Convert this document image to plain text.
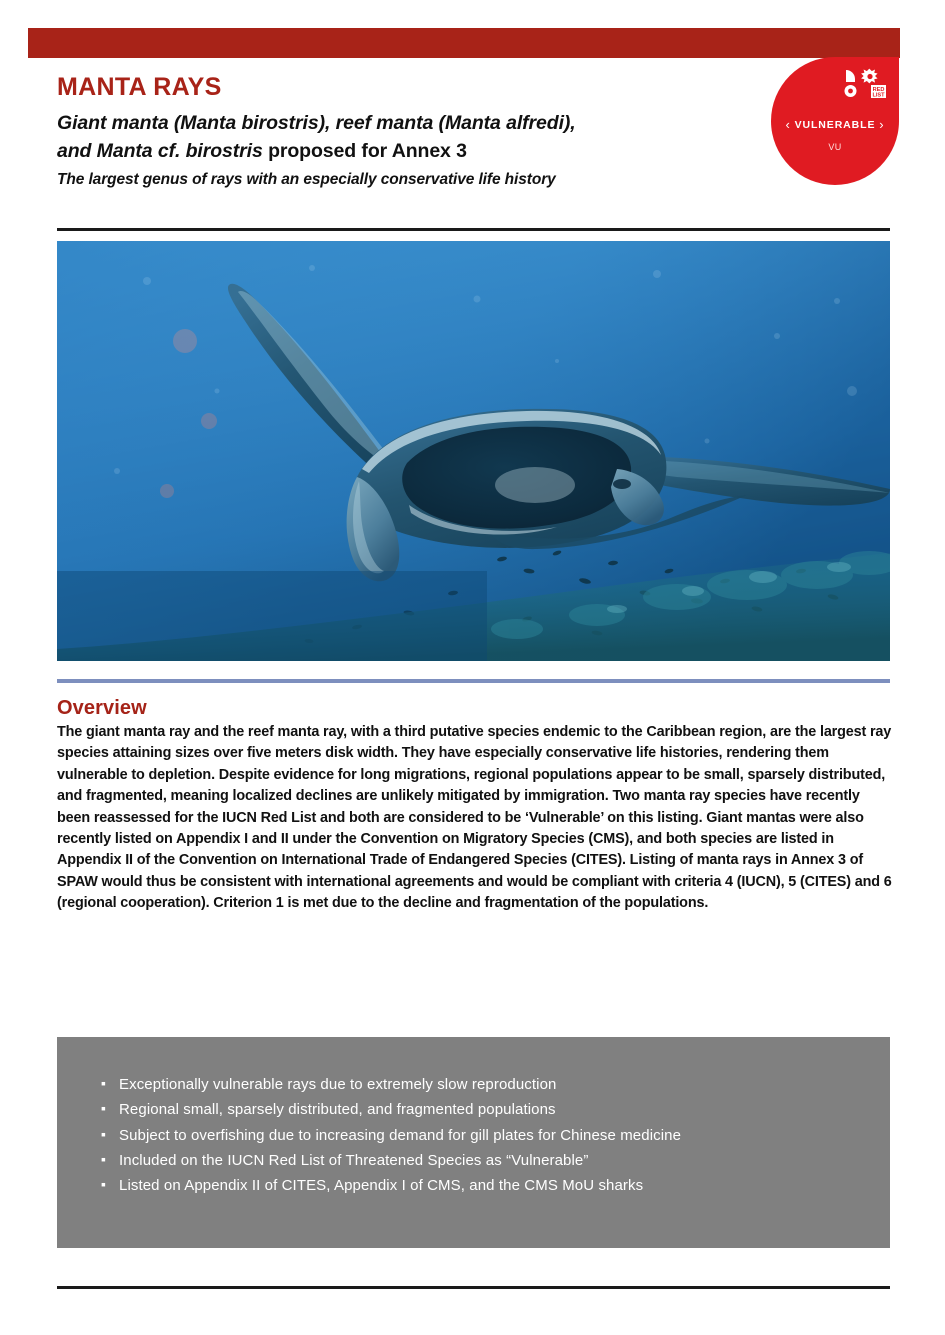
MANTA RAYS
Giant manta (Manta birostris), reef manta (Manta alfredi),
and Manta cf. birostris proposed for Annex 3
The largest genus of rays with an especially conservative life history
RED
LIST
‹ VULNERABLE ›
VU
Overview
The giant manta ray and the reef manta ray, with a third putative species endemic to the Caribbean region, are the largest ray species attaining sizes over five meters disk width. They have especially conservative life histories, rendering them vulnerable to depletion. Despite evidence for long migrations, regional populations appear to be small, sparsely distributed, and fragmented, meaning localized declines are unlikely mitigated by immigration. Two manta ray species have recently been reassessed for the IUCN Red List and both are considered to be ‘Vulnerable’ on this listing. Giant mantas were also recently listed on Appendix I and II under the Convention on Migratory Species (CMS), and both species are listed in Appendix II of the Convention on International Trade of Endangered Species (CITES). Listing of manta rays in Annex 3 of SPAW would thus be consistent with international agreements and would be compliant with criteria 4 (IUCN), 5 (CITES) and 6 (regional cooperation). Criterion 1 is met due to the decline and fragmentation of the populations.
▪ Exceptionally vulnerable rays due to extremely slow reproduction
▪ Regional small, sparsely distributed, and fragmented populations
▪ Subject to overfishing due to increasing demand for gill plates for Chinese medicine
▪ Included on the IUCN Red List of Threatened Species as “Vulnerable”
▪ Listed on Appendix II of CITES, Appendix I of CMS, and the CMS MoU sharks
